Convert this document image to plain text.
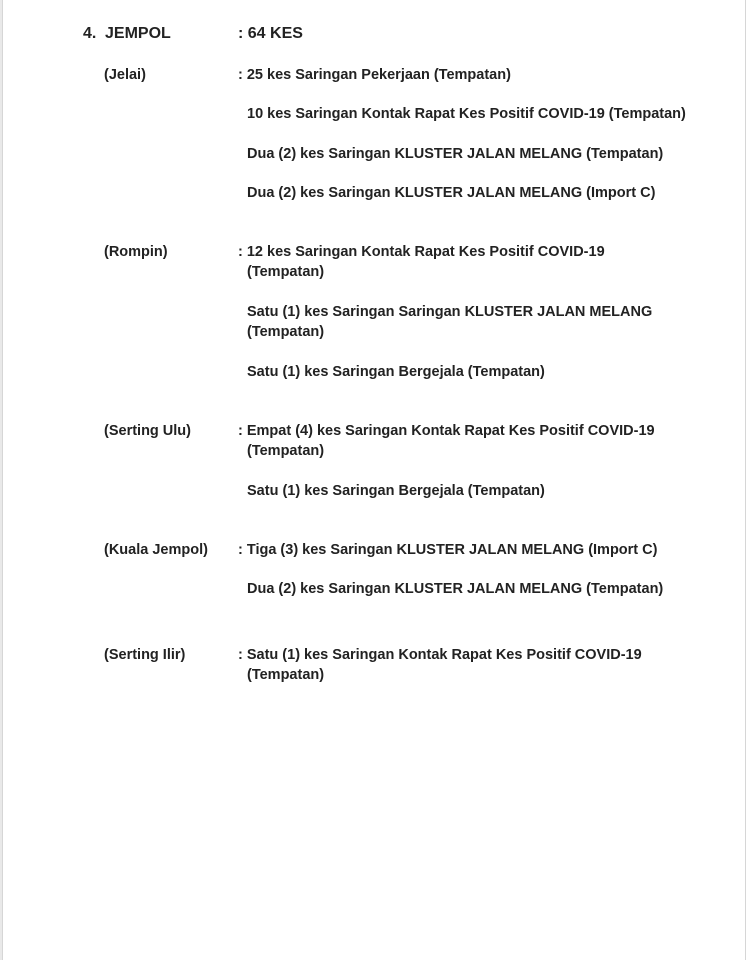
4. JEMPOL	: 64 KES
(Jelai)	: 25 kes Saringan Pekerjaan (Tempatan)
10 kes Saringan Kontak Rapat Kes Positif COVID-19 (Tempatan)
Dua (2) kes Saringan KLUSTER JALAN MELANG (Tempatan)
Dua (2) kes Saringan KLUSTER JALAN MELANG (Import C)
(Rompin)	: 12 kes Saringan Kontak Rapat Kes Positif COVID-19
(Tempatan)
Satu (1) kes Saringan Saringan KLUSTER JALAN MELANG
(Tempatan)
Satu (1) kes Saringan Bergejala (Tempatan)
(Serting Ulu)	: Empat (4) kes Saringan Kontak Rapat Kes Positif COVID-19
(Tempatan)
Satu (1) kes Saringan Bergejala (Tempatan)
(Kuala Jempol) : Tiga (3) kes Saringan KLUSTER JALAN MELANG (Import C)
Dua (2) kes Saringan KLUSTER JALAN MELANG (Tempatan)
(Serting Ilir)	: Satu (1) kes Saringan Kontak Rapat Kes Positif COVID-19
(Tempatan)
